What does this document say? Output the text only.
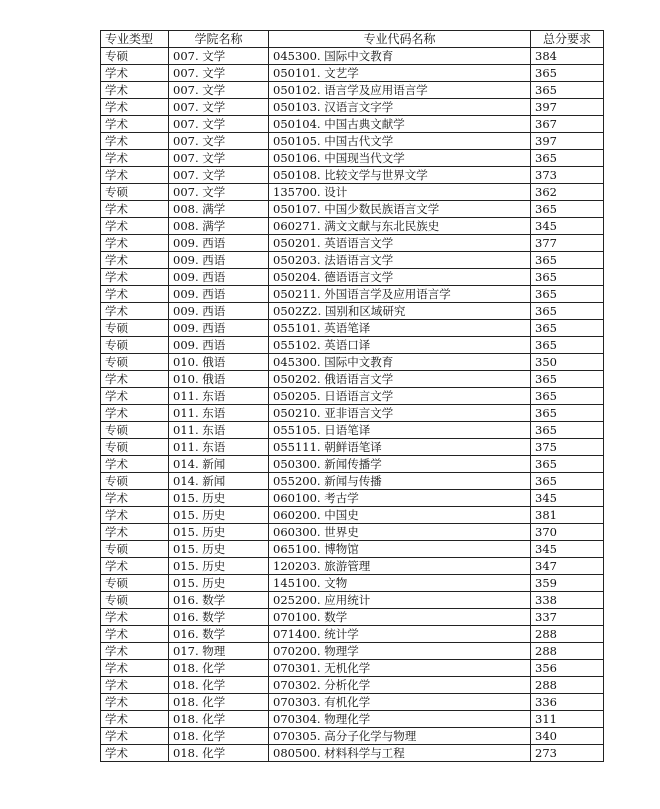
专业类型	学院名称	专业代码名称	总分要求
专硕	007. 文学	045300. 国际中文教育	384
学术	007. 文学	050101. 文艺学	365
学术	007. 文学	050102. 语言学及应用语言学	365
学术	007. 文学	050103. 汉语言文字学	397
学术	007. 文学	050104. 中国古典文献学	367
学术	007. 文学	050105. 中国古代文学	397
学术	007. 文学	050106. 中国现当代文学	365
学术	007. 文学	050108. 比较文学与世界文学	373
专硕	007. 文学	135700. 设计	362
学术	008. 满学	050107. 中国少数民族语言文学	365
学术	008. 满学	060271. 满文文献与东北民族史	345
学术	009. 西语	050201. 英语语言文学	377
学术	009. 西语	050203. 法语语言文学	365
学术	009. 西语	050204. 德语语言文学	365
学术	009. 西语	050211. 外国语言学及应用语言学	365
学术	009. 西语	0502Z2. 国别和区域研究	365
专硕	009. 西语	055101. 英语笔译	365
专硕	009. 西语	055102. 英语口译	365
专硕	010. 俄语	045300. 国际中文教育	350
学术	010. 俄语	050202. 俄语语言文学	365
学术	011. 东语	050205. 日语语言文学	365
学术	011. 东语	050210. 亚非语言文学	365
专硕	011. 东语	055105. 日语笔译	365
专硕	011. 东语	055111. 朝鲜语笔译	375
学术	014. 新闻	050300. 新闻传播学	365
专硕	014. 新闻	055200. 新闻与传播	365
学术	015. 历史	060100. 考古学	345
学术	015. 历史	060200. 中国史	381
学术	015. 历史	060300. 世界史	370
专硕	015. 历史	065100. 博物馆	345
学术	015. 历史	120203. 旅游管理	347
专硕	015. 历史	145100. 文物	359
专硕	016. 数学	025200. 应用统计	338
学术	016. 数学	070100. 数学	337
学术	016. 数学	071400. 统计学	288
学术	017. 物理	070200. 物理学	288
学术	018. 化学	070301. 无机化学	356
学术	018. 化学	070302. 分析化学	288
学术	018. 化学	070303. 有机化学	336
学术	018. 化学	070304. 物理化学	311
学术	018. 化学	070305. 高分子化学与物理	340
学术	018. 化学	080500. 材料科学与工程	273
